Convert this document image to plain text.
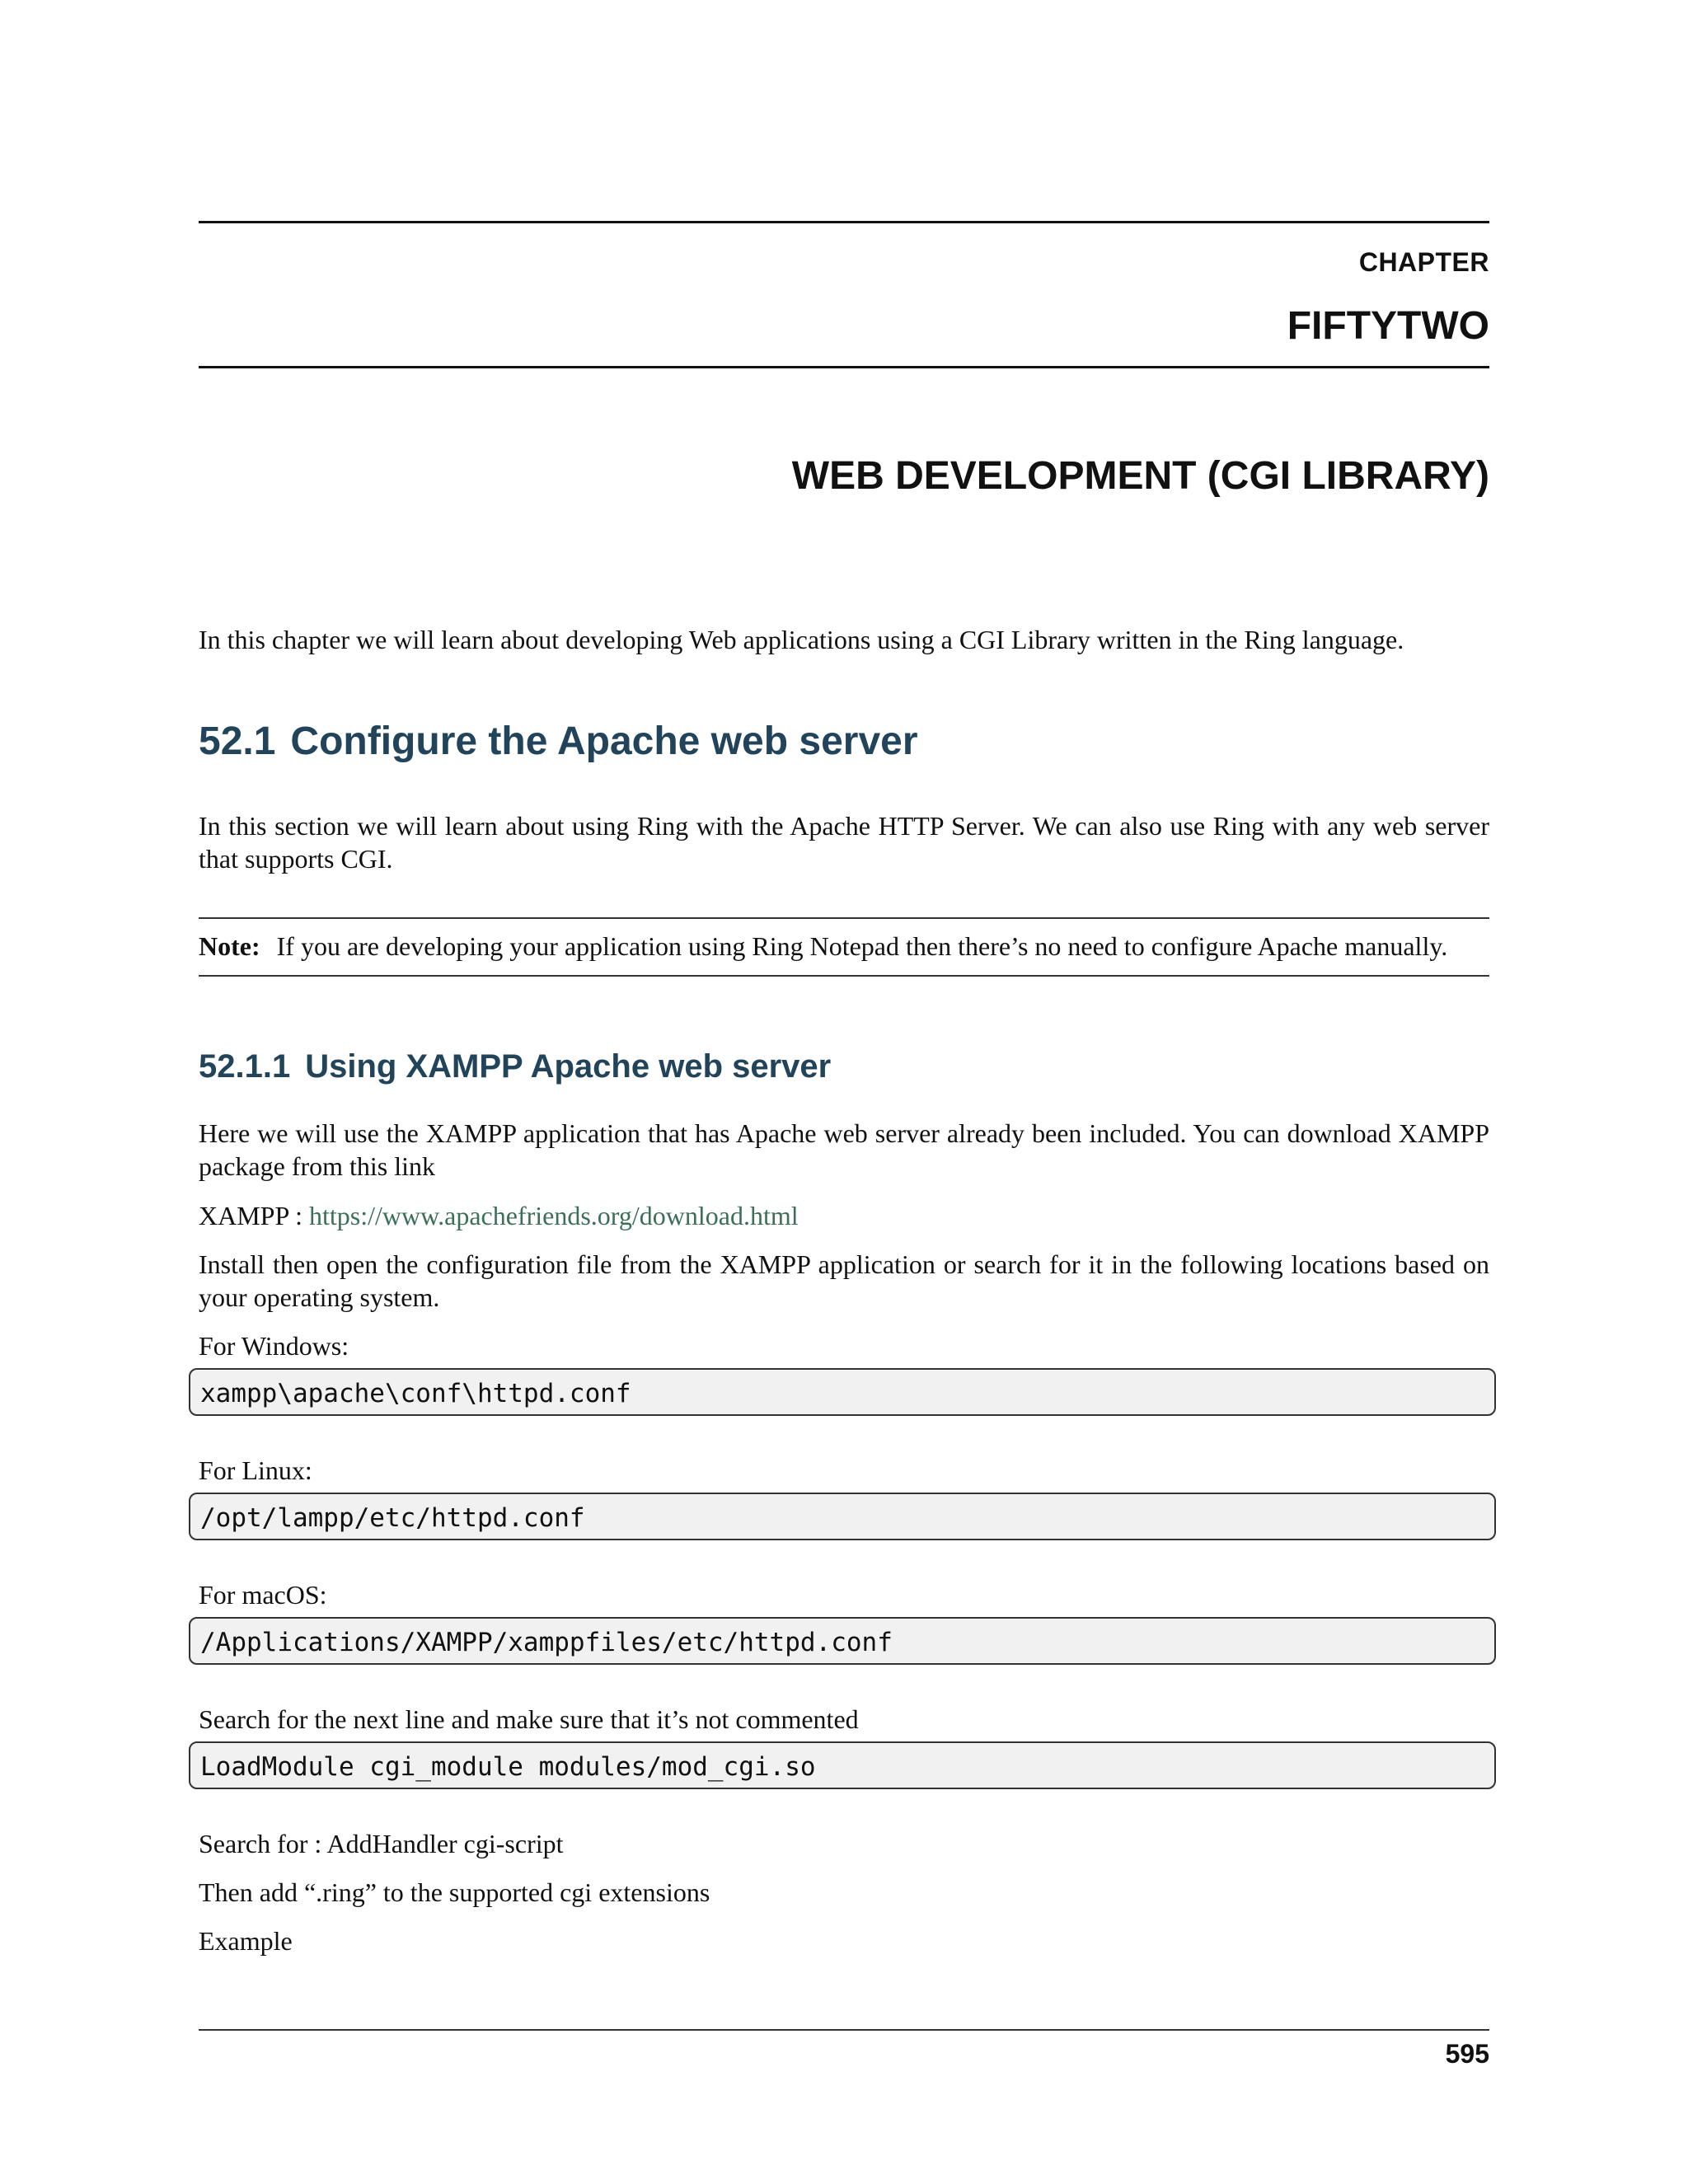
CHAPTER
FIFTYTWO
WEB DEVELOPMENT (CGI LIBRARY)
In this chapter we will learn about developing Web applications using a CGI Library written in the Ring language.
52.1 Configure the Apache web server
In this section we will learn about using Ring with the Apache HTTP Server. We can also use Ring with any web server that supports CGI.
Note: If you are developing your application using Ring Notepad then there’s no need to configure Apache manually.
52.1.1 Using XAMPP Apache web server
Here we will use the XAMPP application that has Apache web server already been included. You can download XAMPP package from this link
XAMPP : https://www.apachefriends.org/download.html
Install then open the configuration file from the XAMPP application or search for it in the following locations based on your operating system.
For Windows:
xampp\apache\conf\httpd.conf
For Linux:
/opt/lampp/etc/httpd.conf
For macOS:
/Applications/XAMPP/xamppfiles/etc/httpd.conf
Search for the next line and make sure that it’s not commented
LoadModule cgi_module modules/mod_cgi.so
Search for : AddHandler cgi-script
Then add “.ring” to the supported cgi extensions
Example
595
